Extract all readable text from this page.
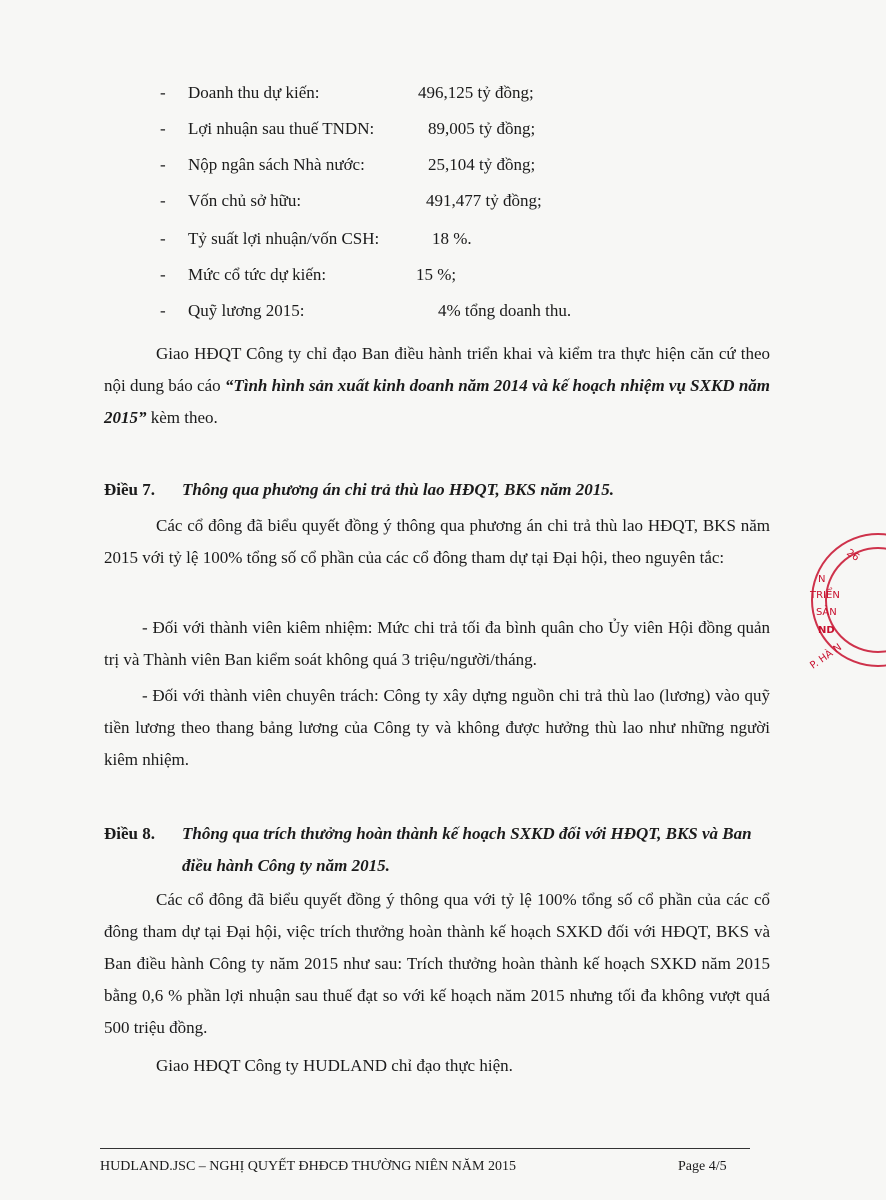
- Doanh thu dự kiến:	496,125 tỷ đồng;
- Lợi nhuận sau thuế TNDN:	89,005 tỷ đồng;
- Nộp ngân sách Nhà nước:	25,104 tỷ đồng;
- Vốn chủ sở hữu:	491,477 tỷ đồng;
- Tỷ suất lợi nhuận/vốn CSH:	18 %.
- Mức cổ tức dự kiến:	15 %;
- Quỹ lương 2015:	4% tổng doanh thu.
Giao HĐQT Công ty chỉ đạo Ban điều hành triển khai và kiểm tra thực hiện căn cứ theo nội dung báo cáo “Tình hình sản xuất kinh doanh năm 2014 và kế hoạch nhiệm vụ SXKD năm 2015” kèm theo.
Điều 7. Thông qua phương án chi trả thù lao HĐQT, BKS năm 2015.
Các cổ đông đã biểu quyết đồng ý thông qua phương án chi trả thù lao HĐQT, BKS năm 2015 với tỷ lệ 100% tổng số cổ phần của các cổ đông tham dự tại Đại hội, theo nguyên tắc:
- Đối với thành viên kiêm nhiệm: Mức chi trả tối đa bình quân cho Ủy viên Hội đồng quản trị và Thành viên Ban kiểm soát không quá 3 triệu/người/tháng.
- Đối với thành viên chuyên trách: Công ty xây dựng nguồn chi trả thù lao (lương) vào quỹ tiền lương theo thang bảng lương của Công ty và không được hưởng thù lao như những người kiêm nhiệm.
Điều 8. Thông qua trích thưởng hoàn thành kế hoạch SXKD đối với HĐQT, BKS và Ban điều hành Công ty năm 2015.
Các cổ đông đã biểu quyết đồng ý thông qua với tỷ lệ 100% tổng số cổ phần của các cổ đông tham dự tại Đại hội, việc trích thưởng hoàn thành kế hoạch SXKD đối với HĐQT, BKS và Ban điều hành Công ty năm 2015 như sau: Trích thưởng hoàn thành kế hoạch SXKD năm 2015 bằng 0,6 % phần lợi nhuận sau thuế đạt so với kế hoạch năm 2015 nhưng tối đa không vượt quá 500 triệu đồng.
Giao HĐQT Công ty HUDLAND chỉ đạo thực hiện.
HUDLAND.JSC – NGHỊ QUYẾT ĐHĐCĐ THƯỜNG NIÊN NĂM 2015	Page 4/5
26
N
TRIỂN
SẢN
ND
P. HÀ N
